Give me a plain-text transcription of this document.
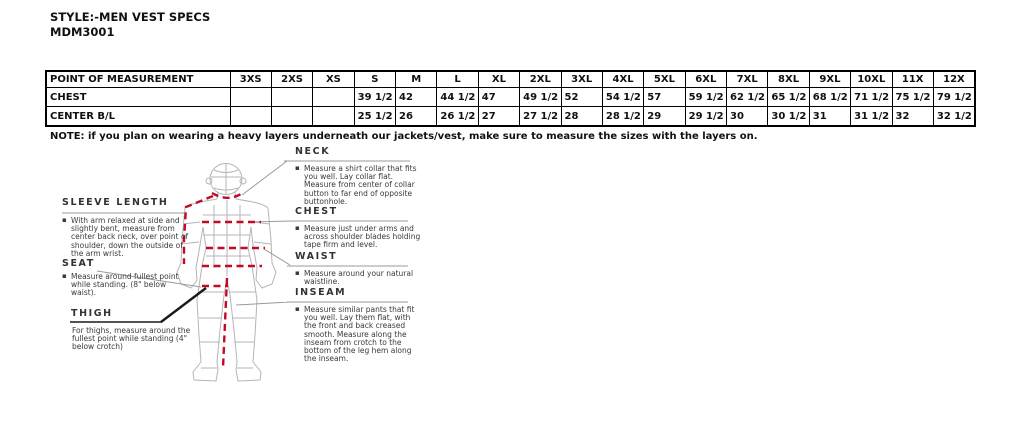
STYLE:-MEN VEST SPECS
MDM3001
POINT OF MEASUREMENT	3XS	2XS	XS	S	M	L	XL	2XL	3XL	4XL	5XL	6XL	7XL	8XL	9XL	10XL	11X	12X
CHEST				39 1/2	42	44 1/2	47	49 1/2	52	54 1/2	57	59 1/2	62 1/2	65 1/2	68 1/2	71 1/2	75 1/2	79 1/2
CENTER B/L				25 1/2	26	26 1/2	27	27 1/2	28	28 1/2	29	29 1/2	30	30 1/2	31	31 1/2	32	32 1/2
NOTE: if you plan on wearing a heavy layers underneath our jackets/vest, make sure to measure the sizes with the layers on.
SLEEVE LENGTH
▪ With arm relaxed at side and slightly bent, measure from center back neck, over point of shoulder, down the outside of the arm wrist.
SEAT
▪ Measure around fullest point while standing. (8" below waist).
THIGH
For thighs, measure around the fullest point while standing (4" below crotch)
NECK
▪ Measure a shirt collar that fits you well. Lay collar flat. Measure from center of collar button to far end of opposite buttonhole.
CHEST
▪ Measure just under arms and across shoulder blades holding tape firm and level.
WAIST
▪ Measure around your natural waistline.
INSEAM
▪ Measure similar pants that fit you well. Lay them flat, with the front and back creased smooth. Measure along the inseam from crotch to the bottom of the leg hem along the inseam.
